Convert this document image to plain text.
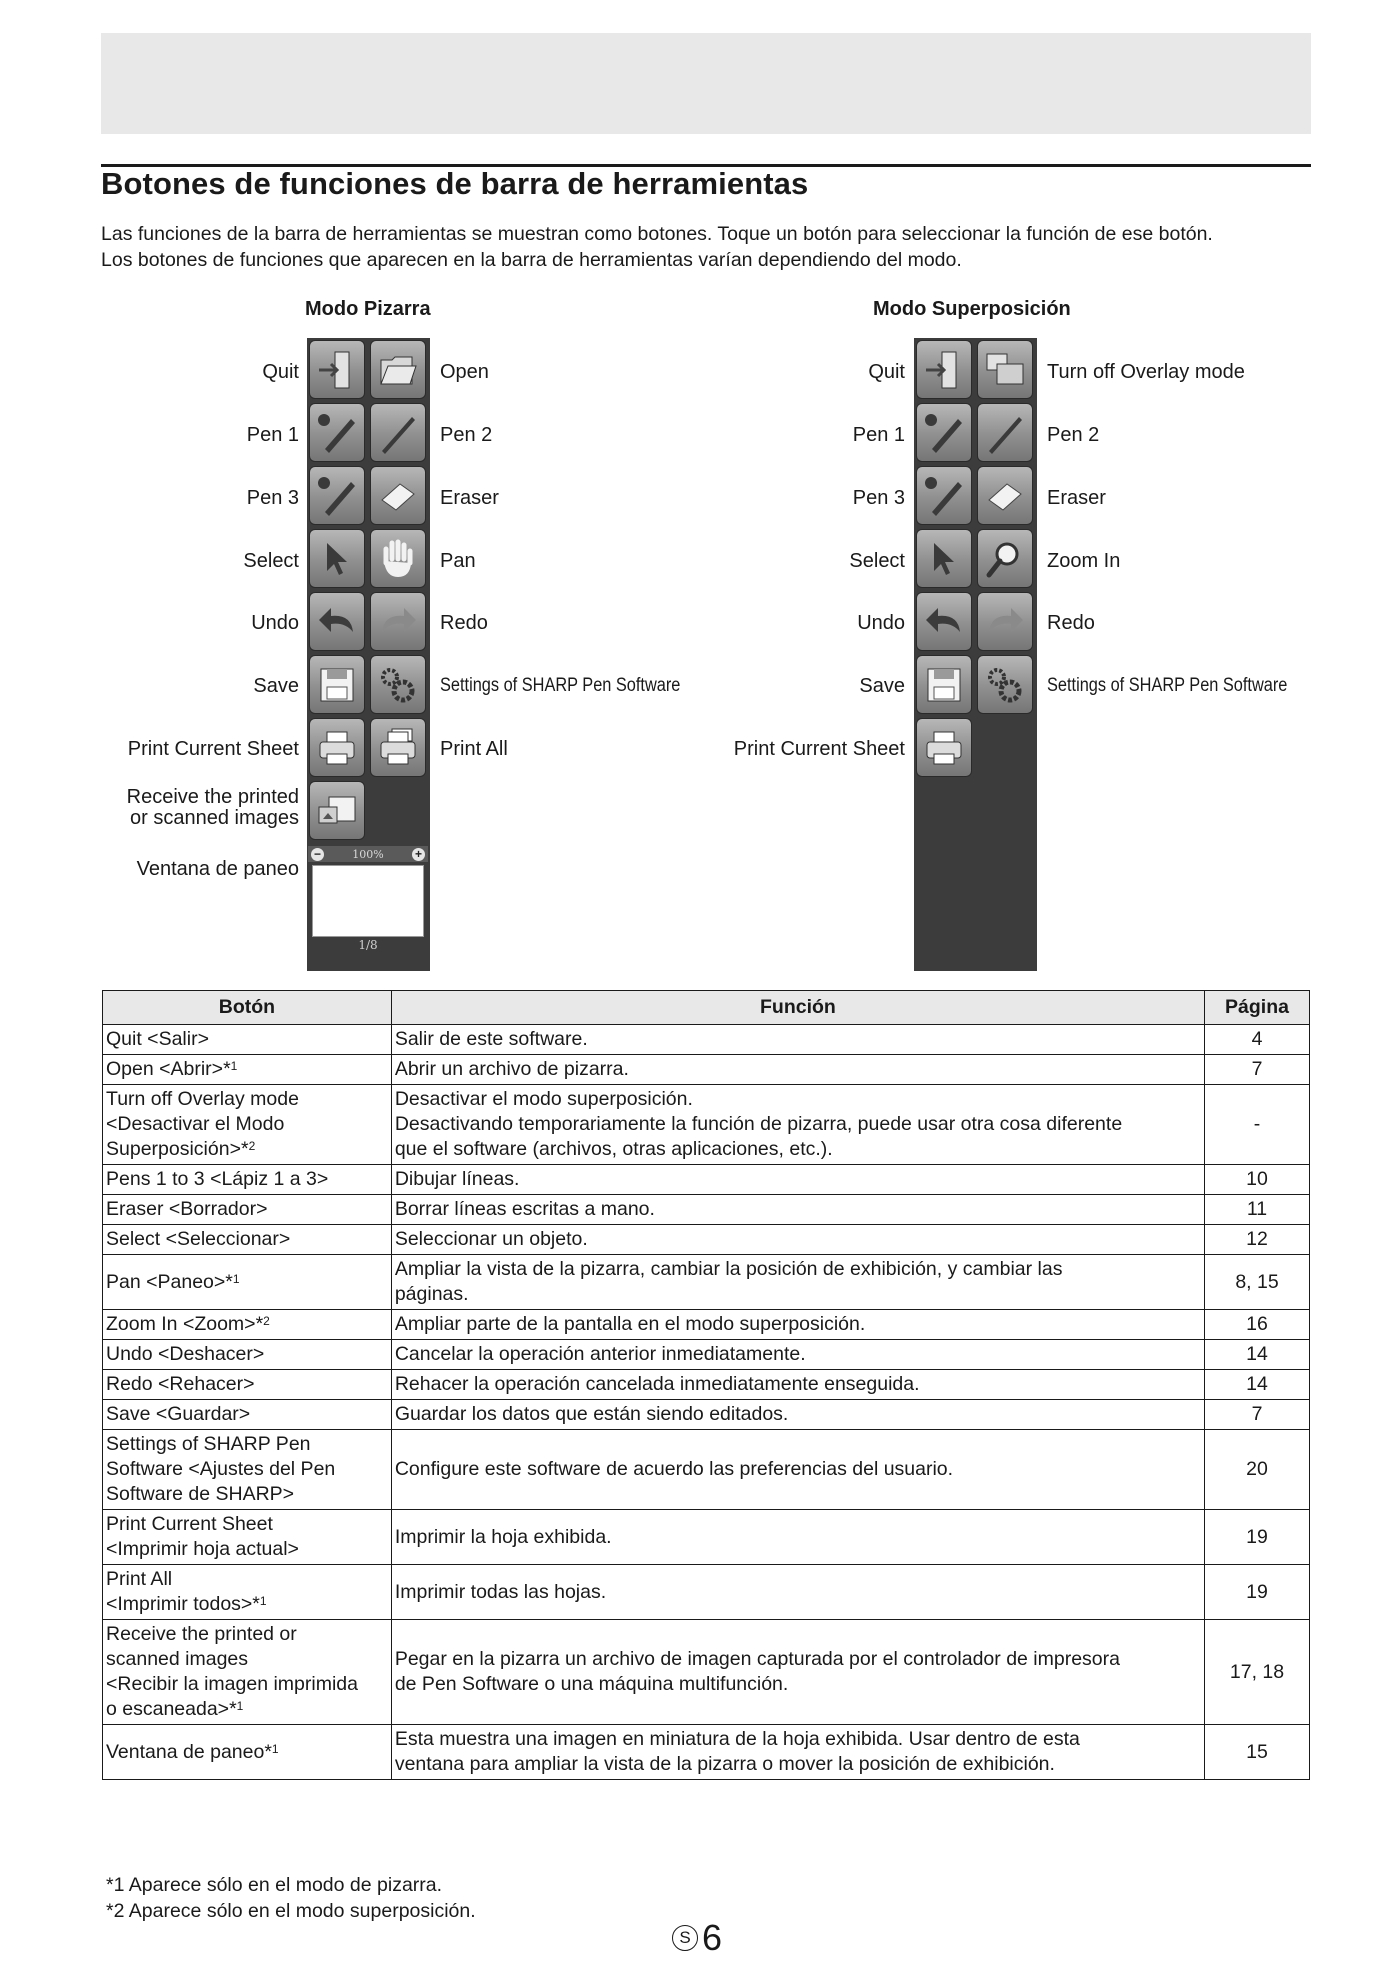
Botones de funciones de barra de herramientas

Las funciones de la barra de herramientas se muestran como botones. Toque un botón para seleccionar la función de ese botón.

Los botones de funciones que aparecen en la barra de herramientas varían dependiendo del modo.

Modo Pizarra
−	100%	+
1/8
Quit
Pen 1
Pen 3
Select
Undo
Save
Print Current Sheet
Receive the printed
or scanned images
Ventana de paneo
Open
Pen 2
Eraser
Pan
Redo
Settings of SHARP Pen Software
Print All
Modo Superposición
Quit
Pen 1
Pen 3
Select
Undo
Save
Print Current Sheet
Turn off Overlay mode
Pen 2
Eraser
Zoom In
Redo
Settings of SHARP Pen Software
Botón	Función	Página
Quit <Salir>	Salir de este software.	4
Open <Abrir>*$^1$	Abrir un archivo de pizarra.	7
Turn off Overlay mode
<Desactivar el Modo
Superposición>*$^2$	Desactivar el modo superposición.
Desactivando temporariamente la función de pizarra, puede usar otra cosa diferente
que el software (archivos, otras aplicaciones, etc.).	-
Pens 1 to 3 <Lápiz 1 a 3>	Dibujar líneas.	10
Eraser <Borrador>	Borrar líneas escritas a mano.	11
Select <Seleccionar>	Seleccionar un objeto.	12
Pan <Paneo>*$^1$	Ampliar la vista de la pizarra, cambiar la posición de exhibición, y cambiar las
páginas.	8, 15
Zoom In <Zoom>*$^2$	Ampliar parte de la pantalla en el modo superposición.	16
Undo <Deshacer>	Cancelar la operación anterior inmediatamente.	14
Redo <Rehacer>	Rehacer la operación cancelada inmediatamente enseguida.	14
Save <Guardar>	Guardar los datos que están siendo editados.	7
Settings of SHARP Pen
Software <Ajustes del Pen
Software de SHARP>	Configure este software de acuerdo las preferencias del usuario.	20
Print Current Sheet
<Imprimir hoja actual>	Imprimir la hoja exhibida.	19
Print All
<Imprimir todos>*$^1$	Imprimir todas las hojas.	19
Receive the printed or
scanned images
<Recibir la imagen imprimida
o escaneada>*$^1$	Pegar en la pizarra un archivo de imagen capturada por el controlador de impresora
de Pen Software o una máquina multifunción.	17, 18
Ventana de paneo*$^1$	Esta muestra una imagen en miniatura de la hoja exhibida. Usar dentro de esta
ventana para ampliar la vista de la pizarra o mover la posición de exhibición.	15
*1 Aparece sólo en el modo de pizarra.
*2 Aparece sólo en el modo superposición.
S 6
